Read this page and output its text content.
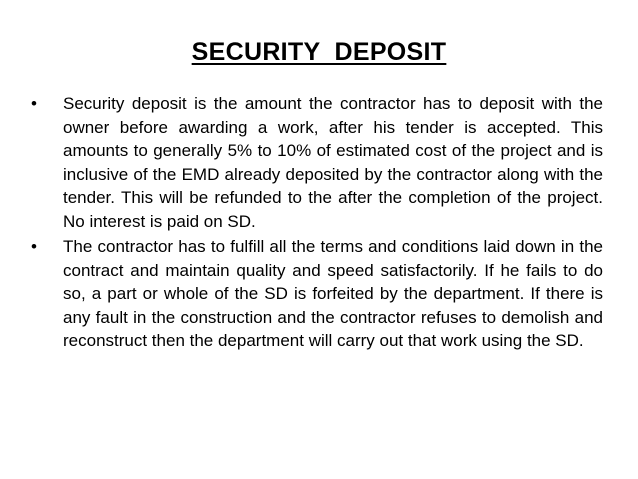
SECURITY  DEPOSIT
• Security deposit is the amount the contractor has to deposit with the owner before awarding a work, after his tender is accepted. This amounts to generally 5% to 10% of estimated cost of the project and is inclusive of the EMD already deposited by the contractor along with the tender. This will be refunded to the after the completion of the project. No interest is paid on SD.
• The contractor has to fulfill all the terms and conditions laid down in the contract and maintain quality and speed satisfactorily. If he fails to do so, a part or whole of the SD is forfeited by the department. If there is any fault in the construction and the contractor refuses to demolish and reconstruct then the department will carry out that work using the SD.
